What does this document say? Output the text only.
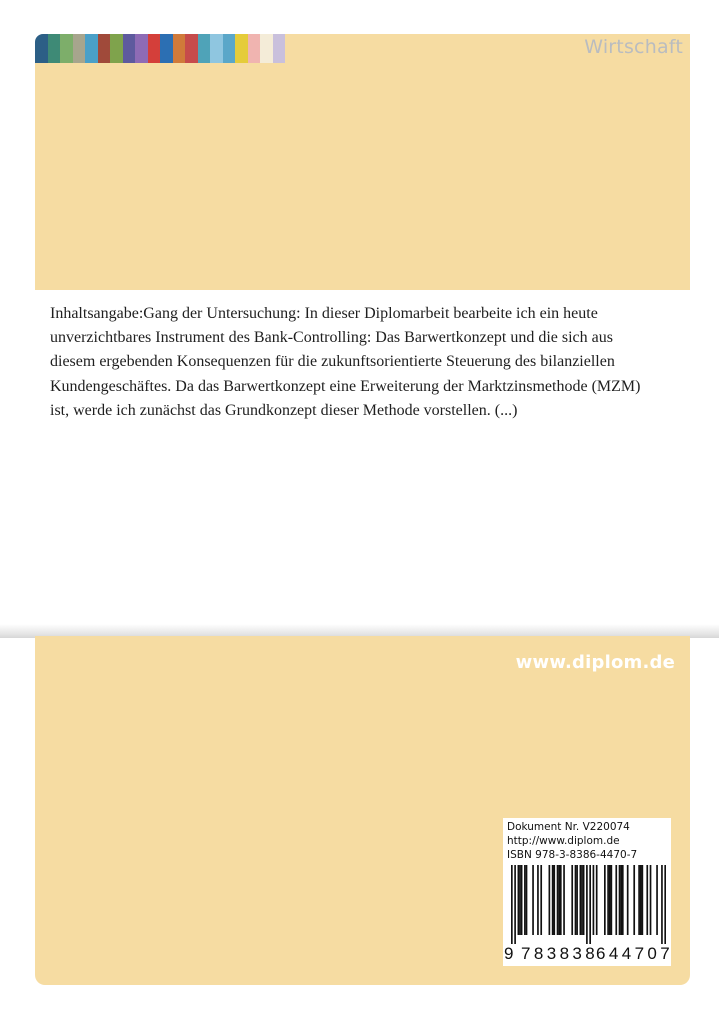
Wirtschaft

Inhaltsangabe:Gang der Untersuchung: In dieser Diplomarbeit bearbeite ich ein heute unverzichtbares Instrument des Bank-Controlling: Das Barwertkonzept und die sich aus diesem ergebenden Konsequenzen für die zukunftsorientierte Steuerung des bilanziellen Kundengeschäftes. Da das Barwertkonzept eine Erweiterung der Marktzinsmethode (MZM) ist, werde ich zunächst das Grundkonzept dieser Methode vorstellen. (...)

www.diplom.de
Dokument Nr. V220074
http://www.diplom.de
ISBN 978-3-8386-4470-7
9 783838
644707
